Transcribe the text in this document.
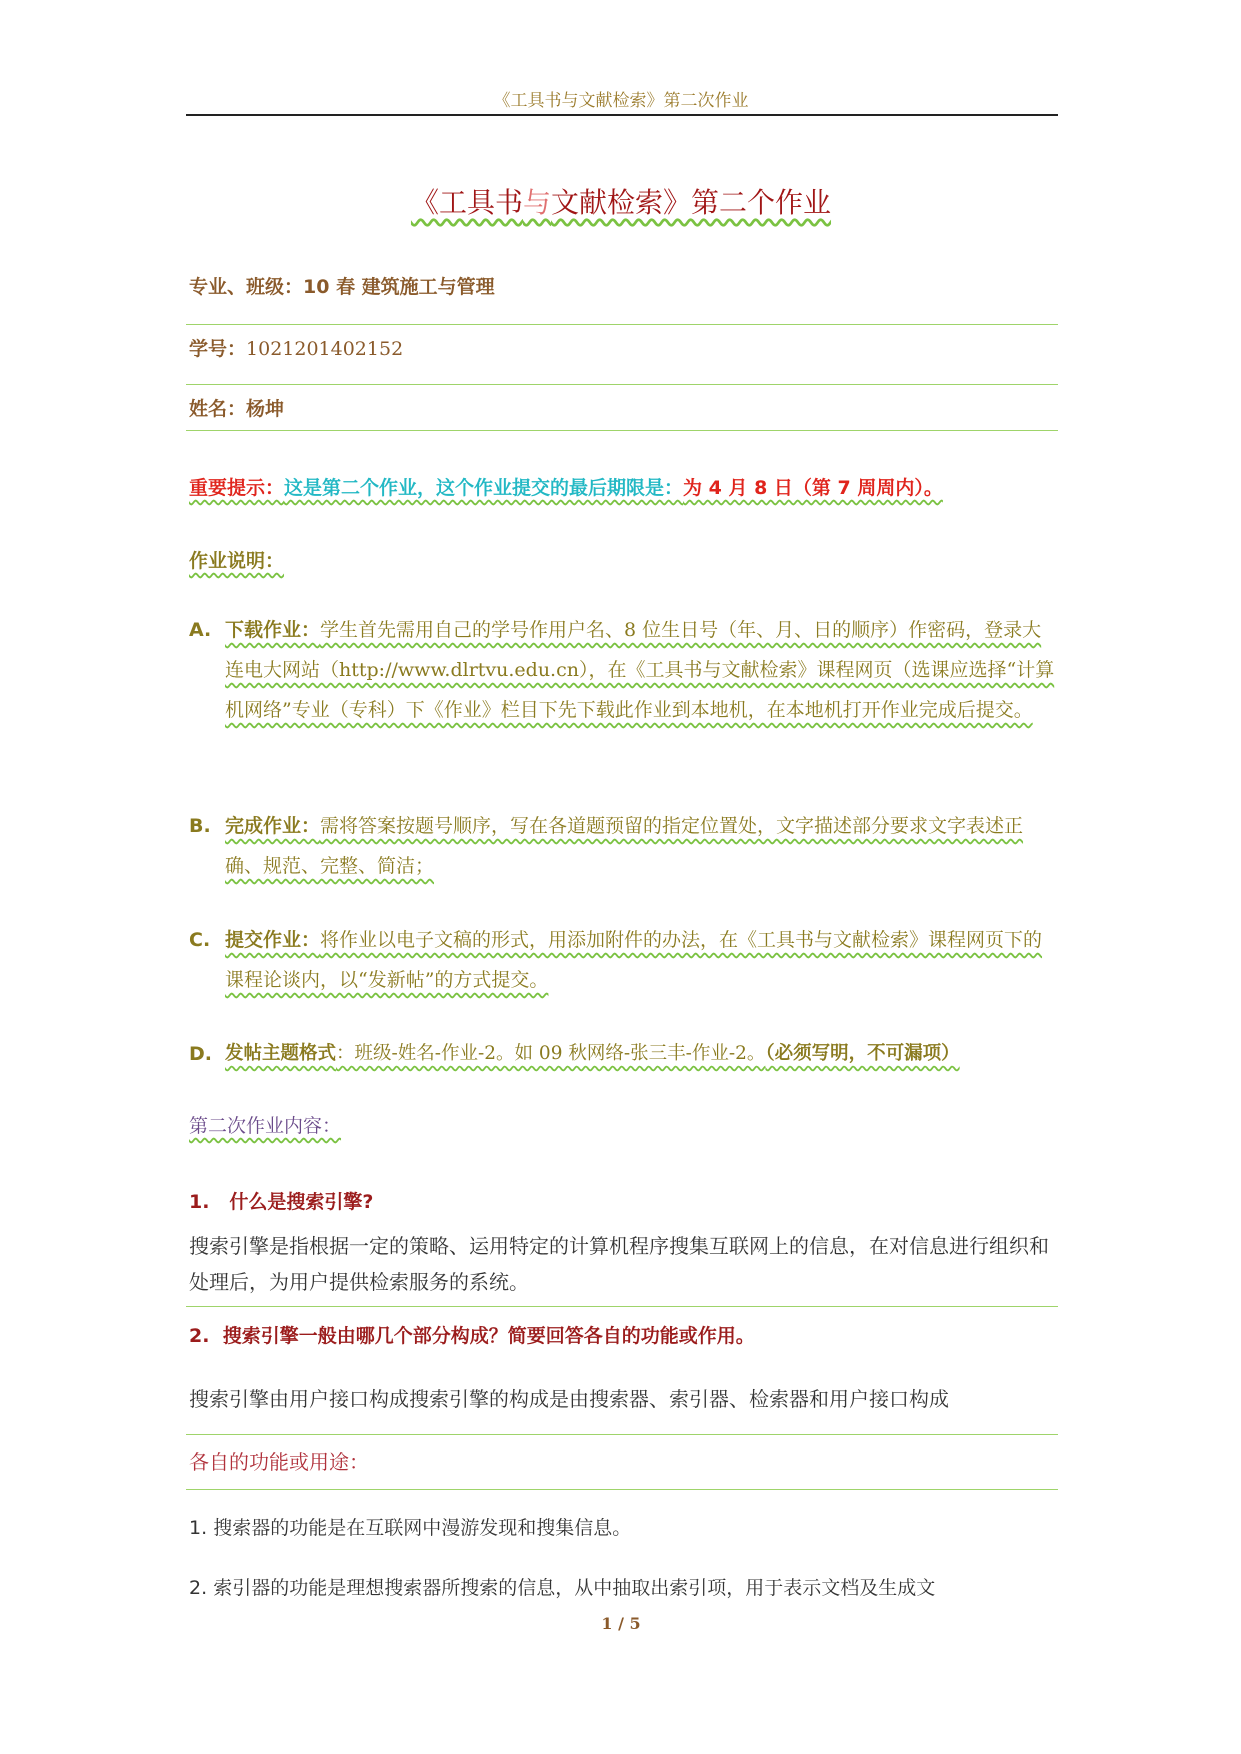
《工具书与文献检索》第二次作业
《工具书与文献检索》第二个作业
专业、班级：10 春 建筑施工与管理
学号：1021201402152
姓名：杨坤
重要提示：这是第二个作业，这个作业提交的最后期限是：为 4 月 8 日（第 7 周周内）。
作业说明：
A. 下载作业：学生首先需用自己的学号作用户名、8 位生日号（年、月、日的顺序）作密码，登录大连电大网站（http://www.dlrtvu.edu.cn），在《工具书与文献检索》课程网页（选课应选择“计算机网络”专业（专科）下《作业》栏目下先下载此作业到本地机，在本地机打开作业完成后提交。
B. 完成作业：需将答案按题号顺序，写在各道题预留的指定位置处，文字描述部分要求文字表述正确、规范、完整、简洁；
C. 提交作业：将作业以电子文稿的形式，用添加附件的办法，在《工具书与文献检索》课程网页下的课程论谈内，以“发新帖”的方式提交。
D. 发帖主题格式：班级-姓名-作业-2。如 09 秋网络-张三丰-作业-2。（必须写明，不可漏项）
第二次作业内容：
1. 什么是搜索引擎?
搜索引擎是指根据一定的策略、运用特定的计算机程序搜集互联网上的信息，在对信息进行组织和处理后，为用户提供检索服务的系统。
2. 搜索引擎一般由哪几个部分构成？简要回答各自的功能或作用。
搜索引擎由用户接口构成搜索引擎的构成是由搜索器、索引器、检索器和用户接口构成
各自的功能或用途：
1. 搜索器的功能是在互联网中漫游发现和搜集信息。
2. 索引器的功能是理想搜索器所搜索的信息，从中抽取出索引项，用于表示文档及生成文
1 / 5
